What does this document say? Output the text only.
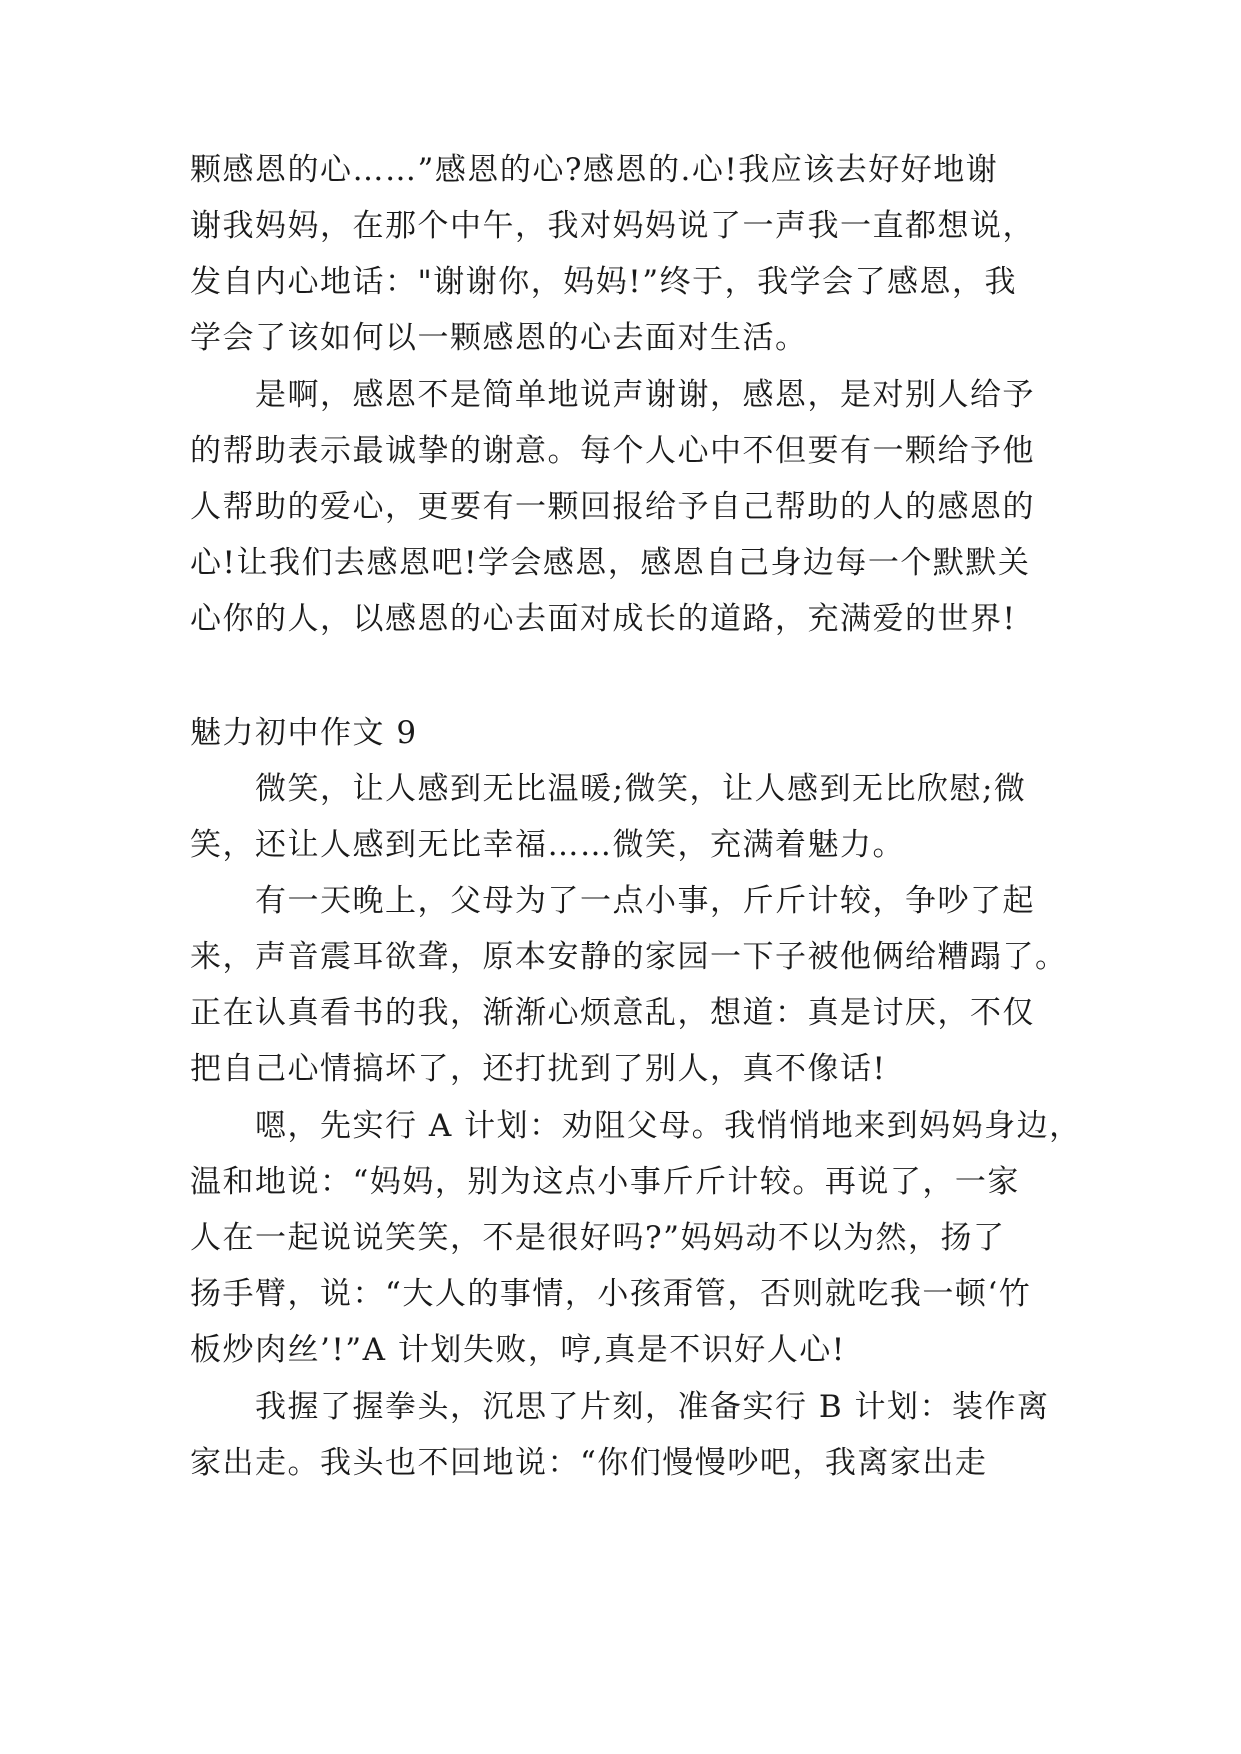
颗感恩的心……”感恩的心?感恩的.心!我应该去好好地谢
谢我妈妈，在那个中午，我对妈妈说了一声我一直都想说，
发自内心地话："谢谢你，妈妈!”终于，我学会了感恩，我
学会了该如何以一颗感恩的心去面对生活。
是啊，感恩不是简单地说声谢谢，感恩，是对别人给予
的帮助表示最诚挚的谢意。每个人心中不但要有一颗给予他
人帮助的爱心，更要有一颗回报给予自己帮助的人的感恩的
心!让我们去感恩吧!学会感恩，感恩自己身边每一个默默关
心你的人，以感恩的心去面对成长的道路，充满爱的世界!
魅力初中作文 9
微笑，让人感到无比温暖;微笑，让人感到无比欣慰;微
笑，还让人感到无比幸福……微笑，充满着魅力。
有一天晚上，父母为了一点小事，斤斤计较，争吵了起
来，声音震耳欲聋，原本安静的家园一下子被他俩给糟蹋了。
正在认真看书的我，渐渐心烦意乱，想道：真是讨厌，不仅
把自己心情搞坏了，还打扰到了别人，真不像话!
嗯，先实行 A 计划：劝阻父母。我悄悄地来到妈妈身边，
温和地说：“妈妈，别为这点小事斤斤计较。再说了，一家
人在一起说说笑笑，不是很好吗?”妈妈动不以为然，扬了
扬手臂，说：“大人的事情，小孩甭管，否则就吃我一顿‘竹
板炒肉丝’!”A 计划失败，哼,真是不识好人心!
我握了握拳头，沉思了片刻，准备实行 B 计划：装作离
家出走。我头也不回地说：“你们慢慢吵吧，我离家出走
